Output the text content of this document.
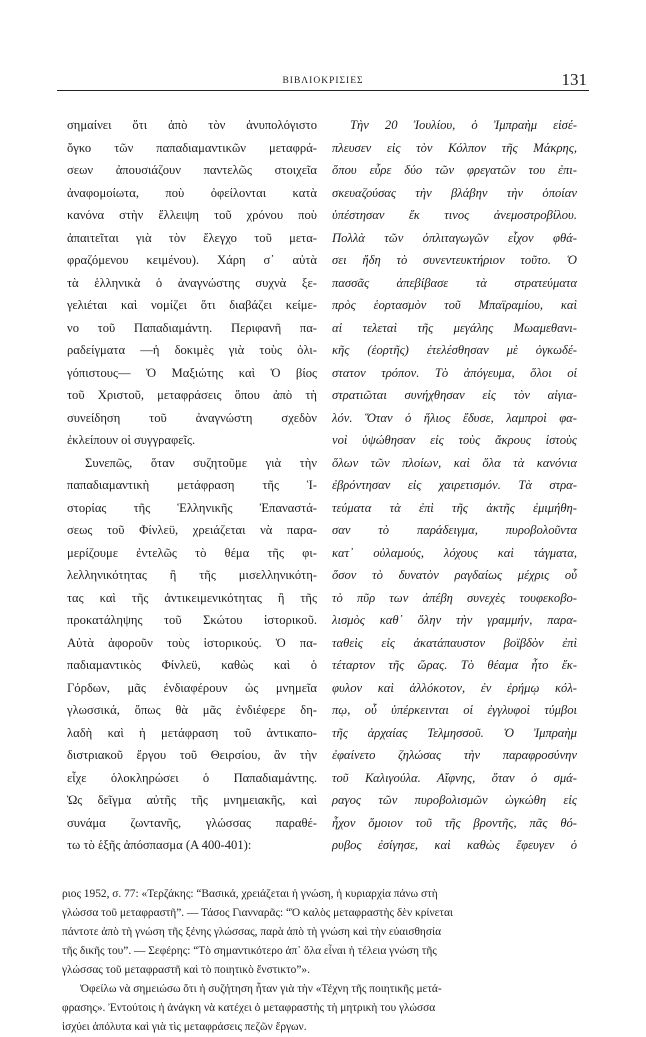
ΒΙΒΛΙΟΚΡΙΣΙΕΣ	131
σημαίνει ὅτι ἀπὸ τὸν ἀνυπολόγιστο
ὄγκο τῶν παπαδιαμαντικῶν μεταφρά-
σεων ἀπουσιάζουν παντελῶς στοιχεῖα
ἀναφομοίωτα, ποὺ ὀφείλονται κατὰ
κανόνα στὴν ἔλλειψη τοῦ χρόνου ποὺ
ἀπαιτεῖται γιὰ τὸν ἔλεγχο τοῦ μετα-
φραζόμενου κειμένου). Χάρη σ᾽ αὐτὰ
τὰ ἑλληνικὰ ὁ ἀναγνώστης συχνὰ ξε-
γελιέται καὶ νομίζει ὅτι διαβάζει κείμε-
νο τοῦ Παπαδιαμάντη. Περιφανῆ πα-
ραδείγματα —ἡ δοκιμὲς γιὰ τοὺς ὀλι-
γόπιστους— Ὁ Μαξιώτης καὶ Ὁ βίος
τοῦ Χριστοῦ, μεταφράσεις ὅπου ἀπὸ τὴ
συνείδηση τοῦ ἀναγνώστη σχεδὸν
ἐκλείπουν οἱ συγγραφεῖς.
Συνεπῶς, ὅταν συζητοῦμε γιὰ τὴν
παπαδιαμαντικὴ μετάφραση τῆς Ἱ-
στορίας τῆς Ἑλληνικῆς Ἐπαναστά-
σεως τοῦ Φίνλεϋ, χρειάζεται νὰ παρα-
μερίζουμε ἐντελῶς τὸ θέμα τῆς φι-
λελληνικότητας ἢ τῆς μισελληνικότη-
τας καὶ τῆς ἀντικειμενικότητας ἢ τῆς
προκατάληψης τοῦ Σκώτου ἱστορικοῦ.
Αὐτὰ ἀφοροῦν τοὺς ἱστορικούς. Ὁ πα-
παδιαμαντικὸς Φίνλεϋ, καθὼς καὶ ὁ
Γόρδων, μᾶς ἐνδιαφέρουν ὡς μνημεῖα
γλωσσικά, ὅπως θὰ μᾶς ἐνδιέφερε δη-
λαδὴ καὶ ἡ μετάφραση τοῦ ἀντικαπο-
διστριακοῦ ἔργου τοῦ Θειρσίου, ἂν τὴν
εἶχε ὁλοκληρώσει ὁ Παπαδιαμάντης.
Ὡς δεῖγμα αὐτῆς τῆς μνημειακῆς, καὶ
συνάμα ζωντανῆς, γλώσσας παραθέ-
τω τὸ ἑξῆς ἀπόσπασμα (Α 400-401):
Τὴν 20 Ἰουλίου, ὁ Ἰμπραὴμ εἰσέ-
πλευσεν εἰς τὸν Κόλπον τῆς Μάκρης,
ὅπου εὗρε δύο τῶν φρεγατῶν του ἐπι-
σκευαζούσας τὴν βλάβην τὴν ὁποίαν
ὑπέστησαν ἔκ τινος ἀνεμοστροβίλου.
Πολλὰ τῶν ὁπλιταγωγῶν εἶχον φθά-
σει ἤδη τὸ συνεντευκτήριον τοῦτο. Ὁ
πασσᾶς ἀπεβίβασε τὰ στρατεύματα
πρὸς ἑορτασμὸν τοῦ Μπαϊραμίου, καὶ
αἱ τελεταὶ τῆς μεγάλης Μωαμεθανι-
κῆς (ἑορτῆς) ἐτελέσθησαν μὲ ὀγκωδέ-
στατον τρόπον. Τὸ ἀπόγευμα, ὅλοι οἱ
στρατιῶται συνήχθησαν εἰς τὸν αἰγια-
λόν. Ὅταν ὁ ἥλιος ἔδυσε, λαμπροὶ φα-
νοὶ ὑψώθησαν εἰς τοὺς ἄκρους ἱστοὺς
ὅλων τῶν πλοίων, καὶ ὅλα τὰ κανόνια
ἐβρόντησαν εἰς χαιρετισμόν. Τὰ στρα-
τεύματα τὰ ἐπὶ τῆς ἀκτῆς ἐμιμήθη-
σαν τὸ παράδειγμα, πυροβολοῦντα
κατ᾽ οὐλαμούς, λόχους καὶ τάγματα,
ὅσον τὸ δυνατὸν ραγδαίως μέχρις οὗ
τὸ πῦρ των ἀπέβη συνεχὲς τουφεκοβο-
λισμὸς καθ᾽ ὅλην τὴν γραμμήν, παρα-
ταθεὶς εἰς ἀκατάπαυστον βοϊβδὸν ἐπὶ
τέταρτον τῆς ὥρας. Τὸ θέαμα ἦτο ἔκ-
φυλον καὶ ἀλλόκοτον, ἐν ἐρήμῳ κόλ-
πῳ, οὗ ὑπέρκεινται οἱ ἐγγλυφοὶ τύμβοι
τῆς ἀρχαίας Τελμησσοῦ. Ὁ Ἰμπραὴμ
ἐφαίνετο ζηλώσας τὴν παραφροσύνην
τοῦ Καλιγούλα. Αἴφνης, ὅταν ὁ σμά-
ραγος τῶν πυροβολισμῶν ὠγκώθη εἰς
ἦχον ὅμοιον τοῦ τῆς βροντῆς, πᾶς θό-
ρυβος ἐσίγησε, καὶ καθὼς ἔφευγεν ὁ
ριος 1952, σ. 77: «Τερζάκης: “Βασικά, χρειάζεται ἡ γνώση, ἡ κυριαρχία πάνω στὴ
γλώσσα τοῦ μεταφραστῆ”. — Τάσος Γιανναρᾶς: “Ὁ καλὸς μεταφραστὴς δὲν κρίνεται
πάντοτε ἀπὸ τὴ γνώση τῆς ξένης γλώσσας, παρὰ ἀπὸ τὴ γνώση καὶ τὴν εὐαισθησία
τῆς δικῆς του”. — Σεφέρης: “Τὸ σημαντικότερο ἀπ᾽ ὅλα εἶναι ἡ τέλεια γνώση τῆς
γλώσσας τοῦ μεταφραστῆ καὶ τὸ ποιητικὸ ἔνστικτο”».
Ὀφείλω νὰ σημειώσω ὅτι ἡ συζήτηση ἦταν γιὰ τὴν «Τέχνη τῆς ποιητικῆς μετά-
φρασης». Ἐντούτοις ἡ ἀνάγκη νὰ κατέχει ὁ μεταφραστὴς τὴ μητρικὴ του γλώσσα
ἰσχύει ἀπόλυτα καὶ γιὰ τὶς μεταφράσεις πεζῶν ἔργων.
